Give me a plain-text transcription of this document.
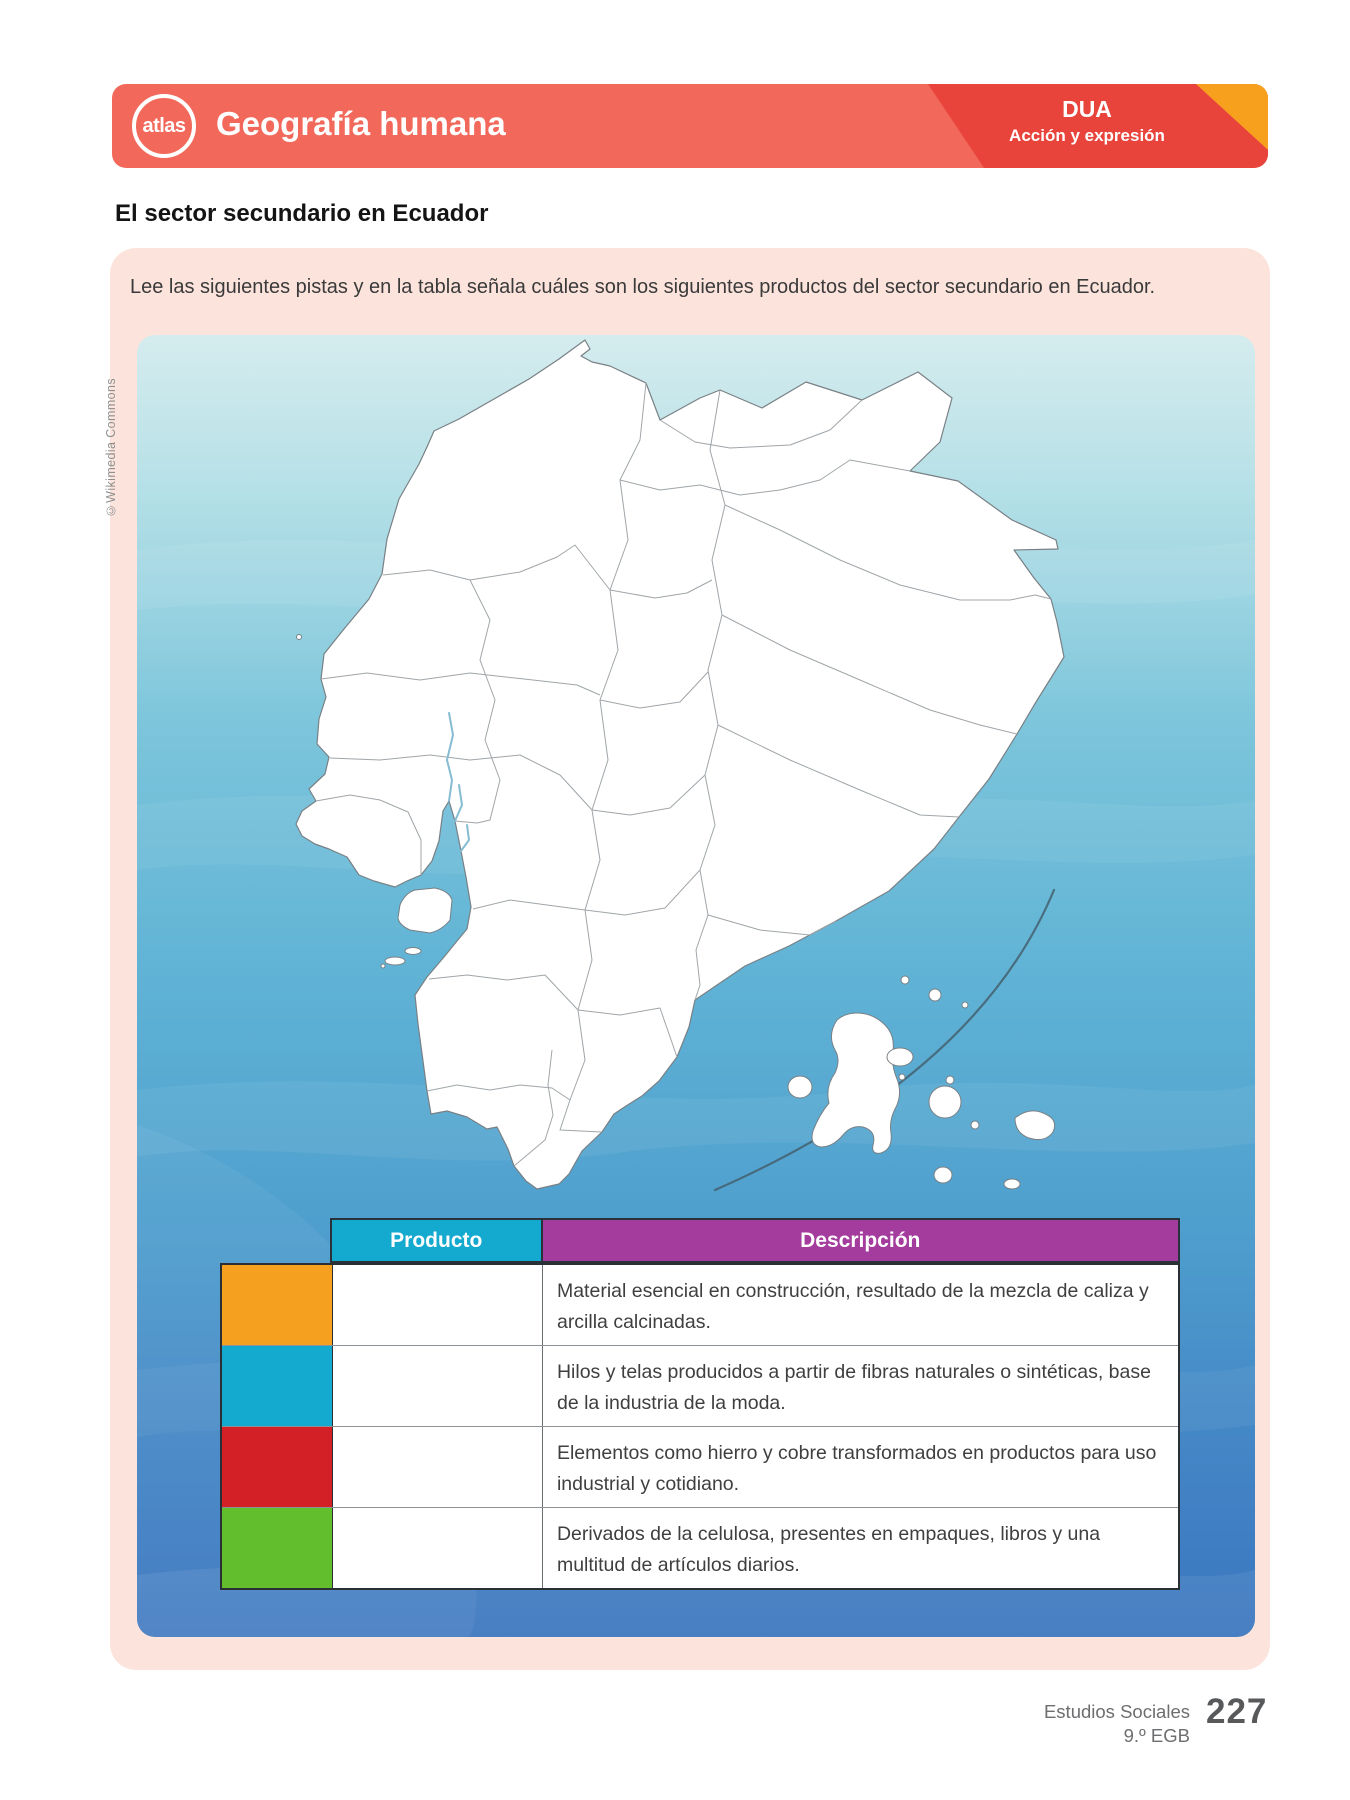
atlas Geografía humana	DUA
Acción y expresión
El sector secundario en Ecuador
Lee las siguientes pistas y en la tabla señala cuáles son los siguientes productos del sector secundario en Ecuador.
©Wikimedia Commons
Producto	Descripción
Material esencial en construcción, resultado de la mezcla de caliza y arcilla calcinadas.
Hilos y telas producidos a partir de fibras naturales o sintéticas, base de la industria de la moda.
Elementos como hierro y cobre transformados en productos para uso industrial y cotidiano.
Derivados de la celulosa, presentes en empaques, libros y una multitud de artículos diarios.
Estudios Sociales
9.º EGB
227
